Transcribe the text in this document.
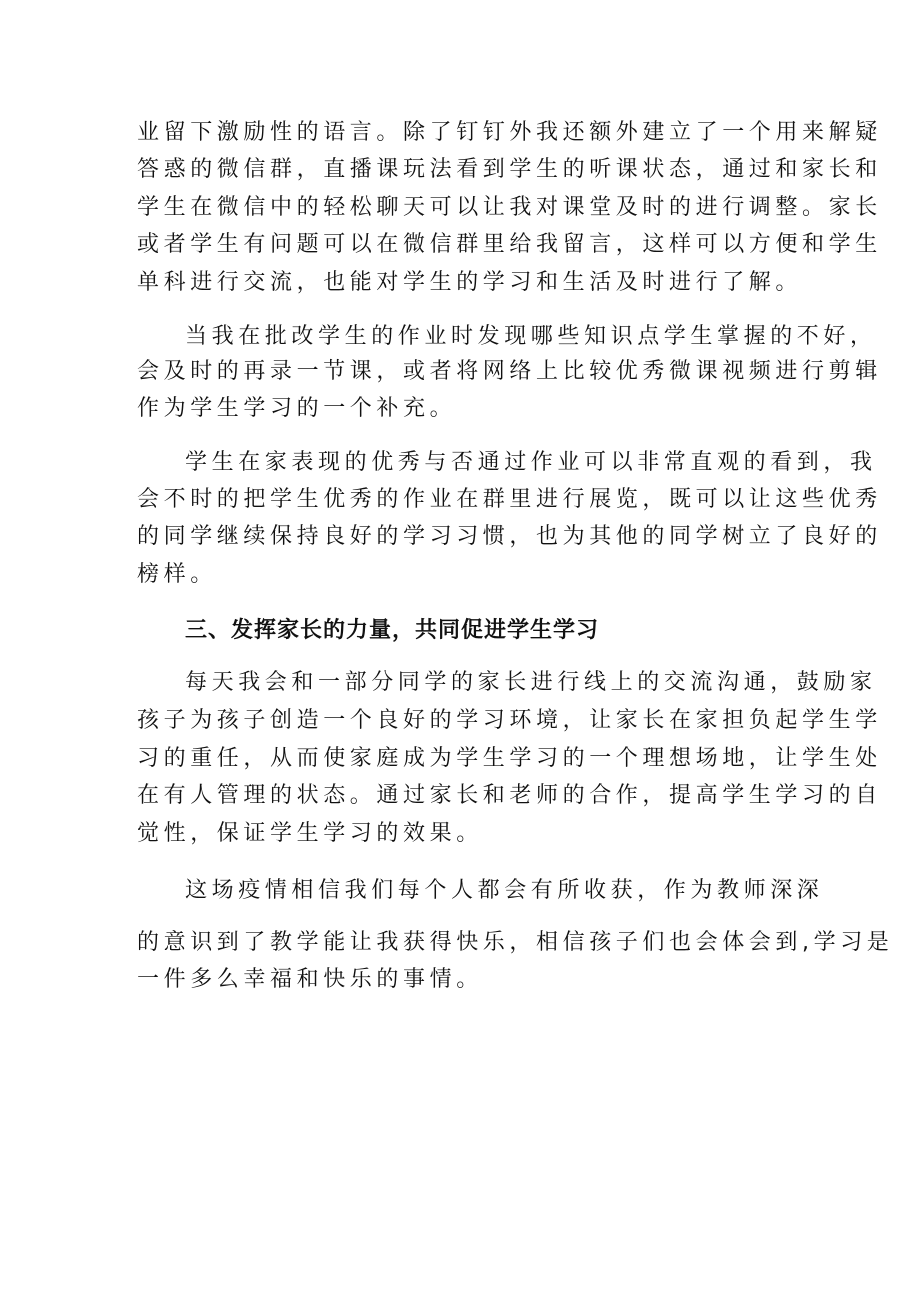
业留下激励性的语言。除了钉钉外我还额外建立了一个用来解疑

答惑的微信群，直播课玩法看到学生的听课状态，通过和家长和

学生在微信中的轻松聊天可以让我对课堂及时的进行调整。家长

或者学生有问题可以在微信群里给我留言，这样可以方便和学生

单科进行交流，也能对学生的学习和生活及时进行了解。

当我在批改学生的作业时发现哪些知识点学生掌握的不好，

会及时的再录一节课，或者将网络上比较优秀微课视频进行剪辑

作为学生学习的一个补充。

学生在家表现的优秀与否通过作业可以非常直观的看到，我

会不时的把学生优秀的作业在群里进行展览，既可以让这些优秀

的同学继续保持良好的学习习惯，也为其他的同学树立了良好的

榜样。

三、发挥家长的力量，共同促进学生学习

每天我会和一部分同学的家长进行线上的交流沟通，鼓励家

孩子为孩子创造一个良好的学习环境，让家长在家担负起学生学

习的重任，从而使家庭成为学生学习的一个理想场地，让学生处

在有人管理的状态。通过家长和老师的合作，提高学生学习的自

觉性，保证学生学习的效果。

这场疫情相信我们每个人都会有所收获，作为教师深深

的意识到了教学能让我获得快乐，相信孩子们也会体会到,学习是

一件多么幸福和快乐的事情。
